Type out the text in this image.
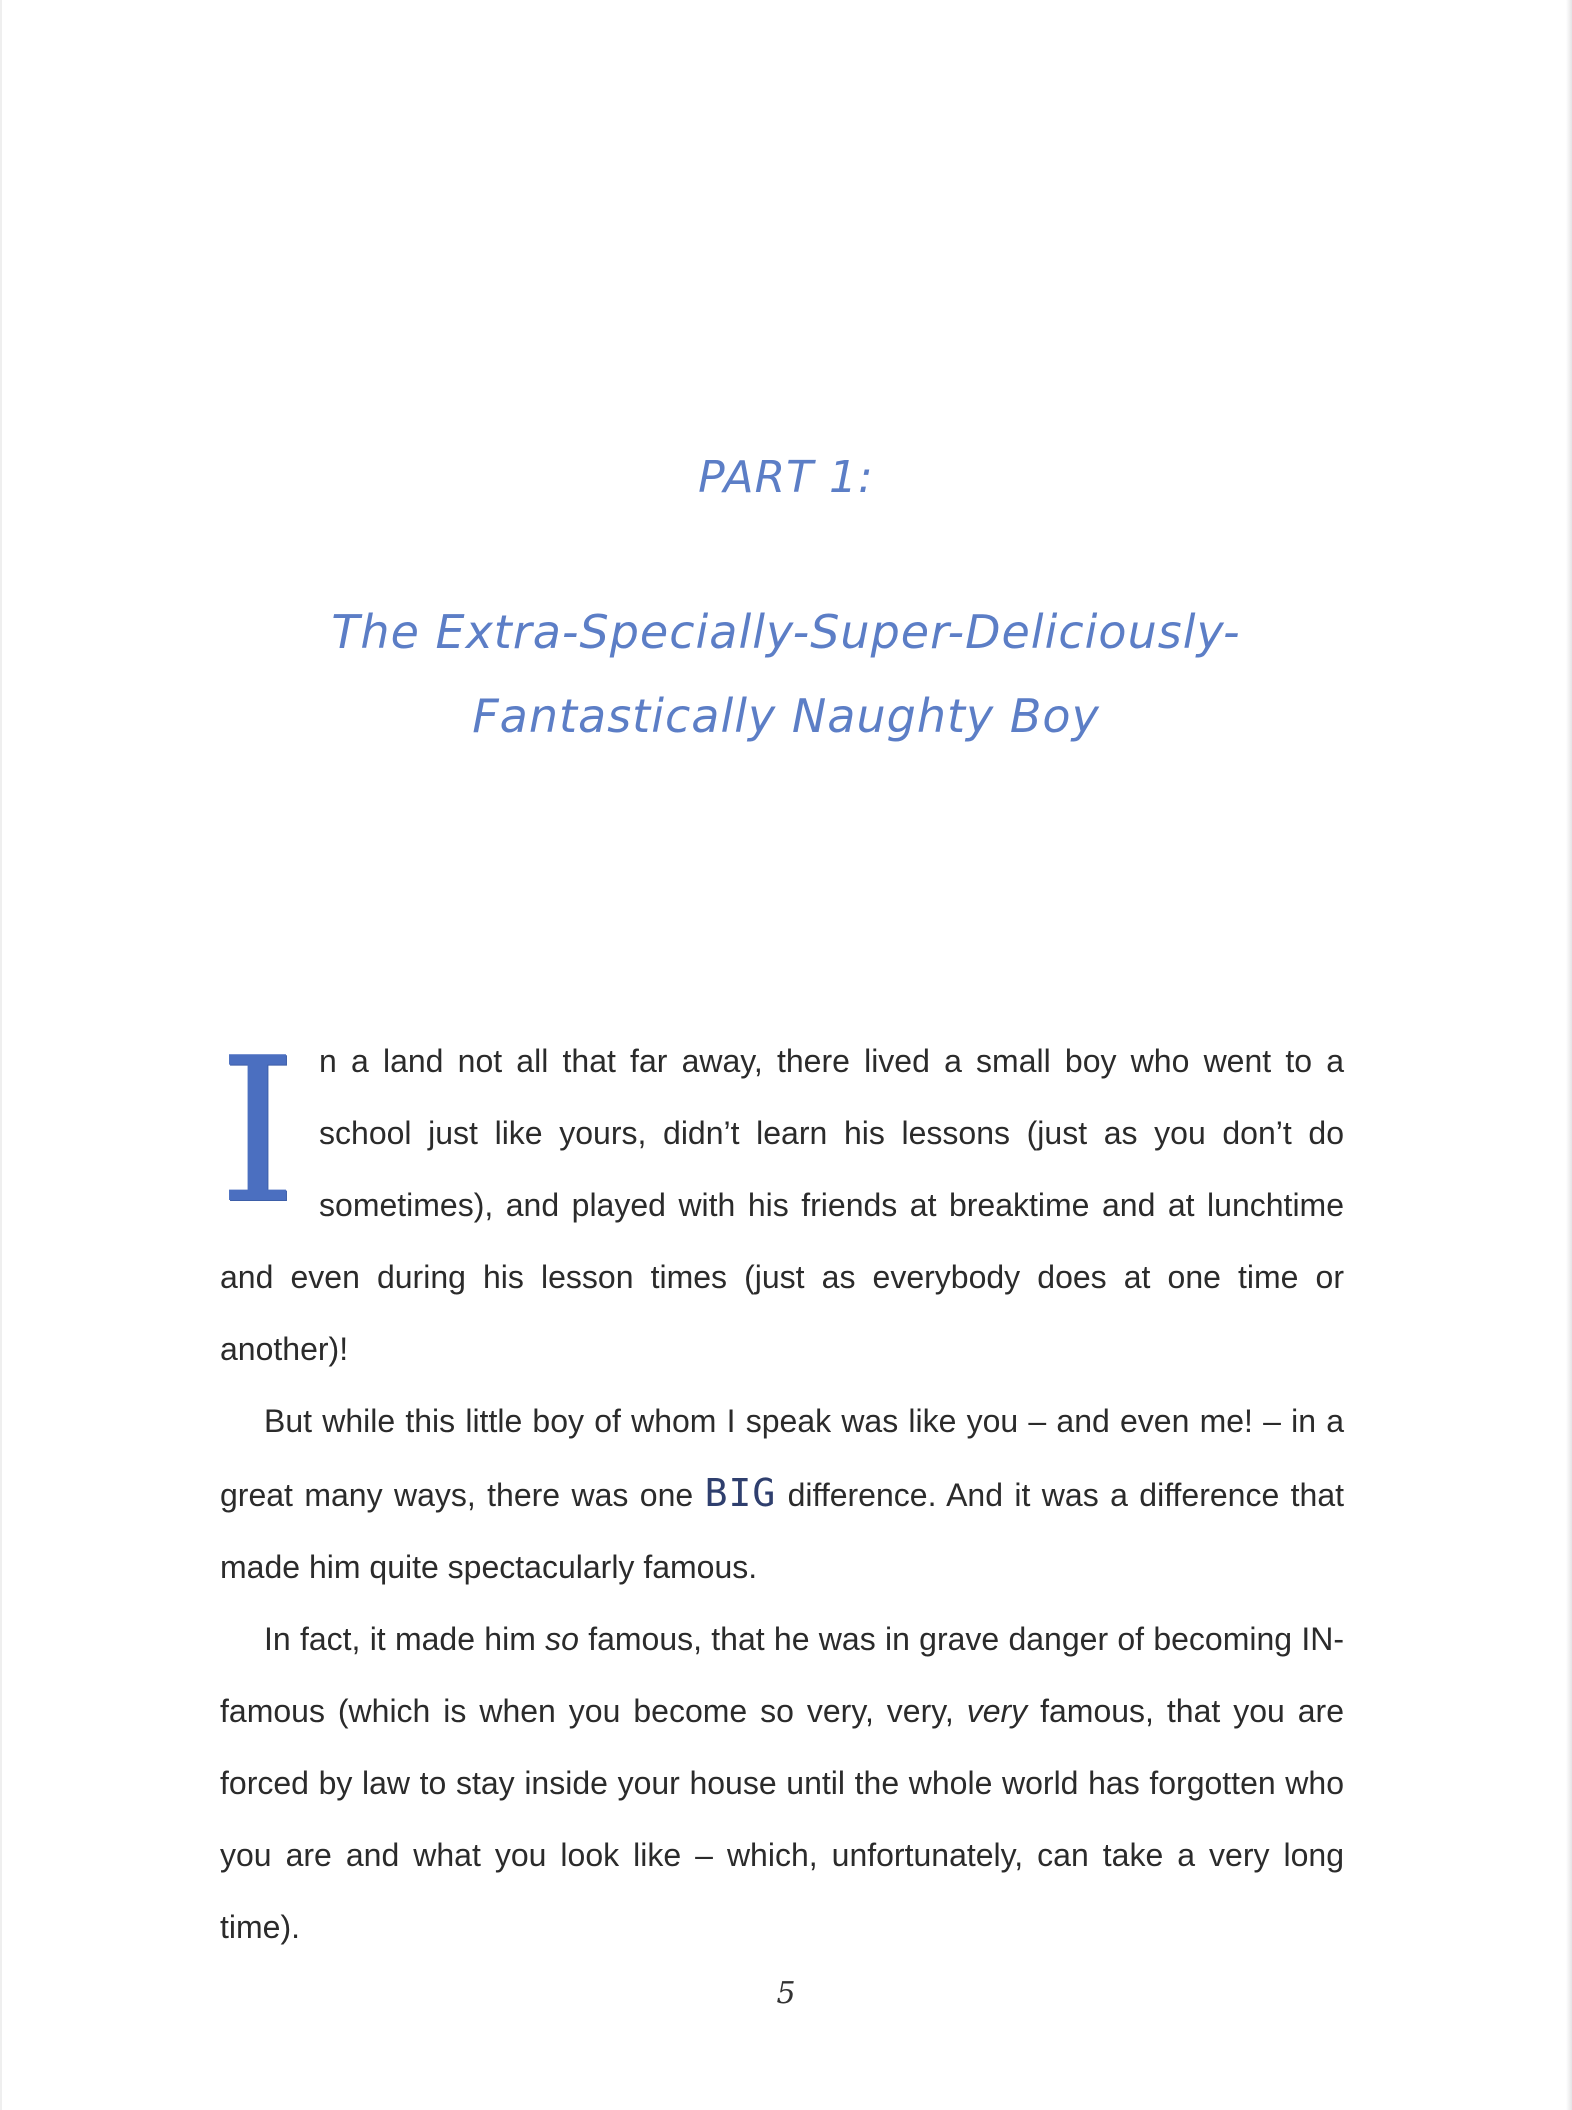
PART 1:
The Extra-Specially-Super-Deliciously-
Fantastically Naughty Boy

In a land not all that far away, there lived a small boy who went to a school just like yours, didn’t learn his lessons (just as you don’t do sometimes), and played with his friends at breaktime and at lunchtime and even during his lesson times (just as everybody does at one time or another)!

But while this little boy of whom I speak was like you – and even me! – in a great many ways, there was one BIG difference. And it was a difference that made him quite spectacularly famous.

In fact, it made him so famous, that he was in grave danger of becoming IN-famous (which is when you become so very, very, very famous, that you are forced by law to stay inside your house until the whole world has forgotten who you are and what you look like – which, unfortunately, can take a very long time).

5
